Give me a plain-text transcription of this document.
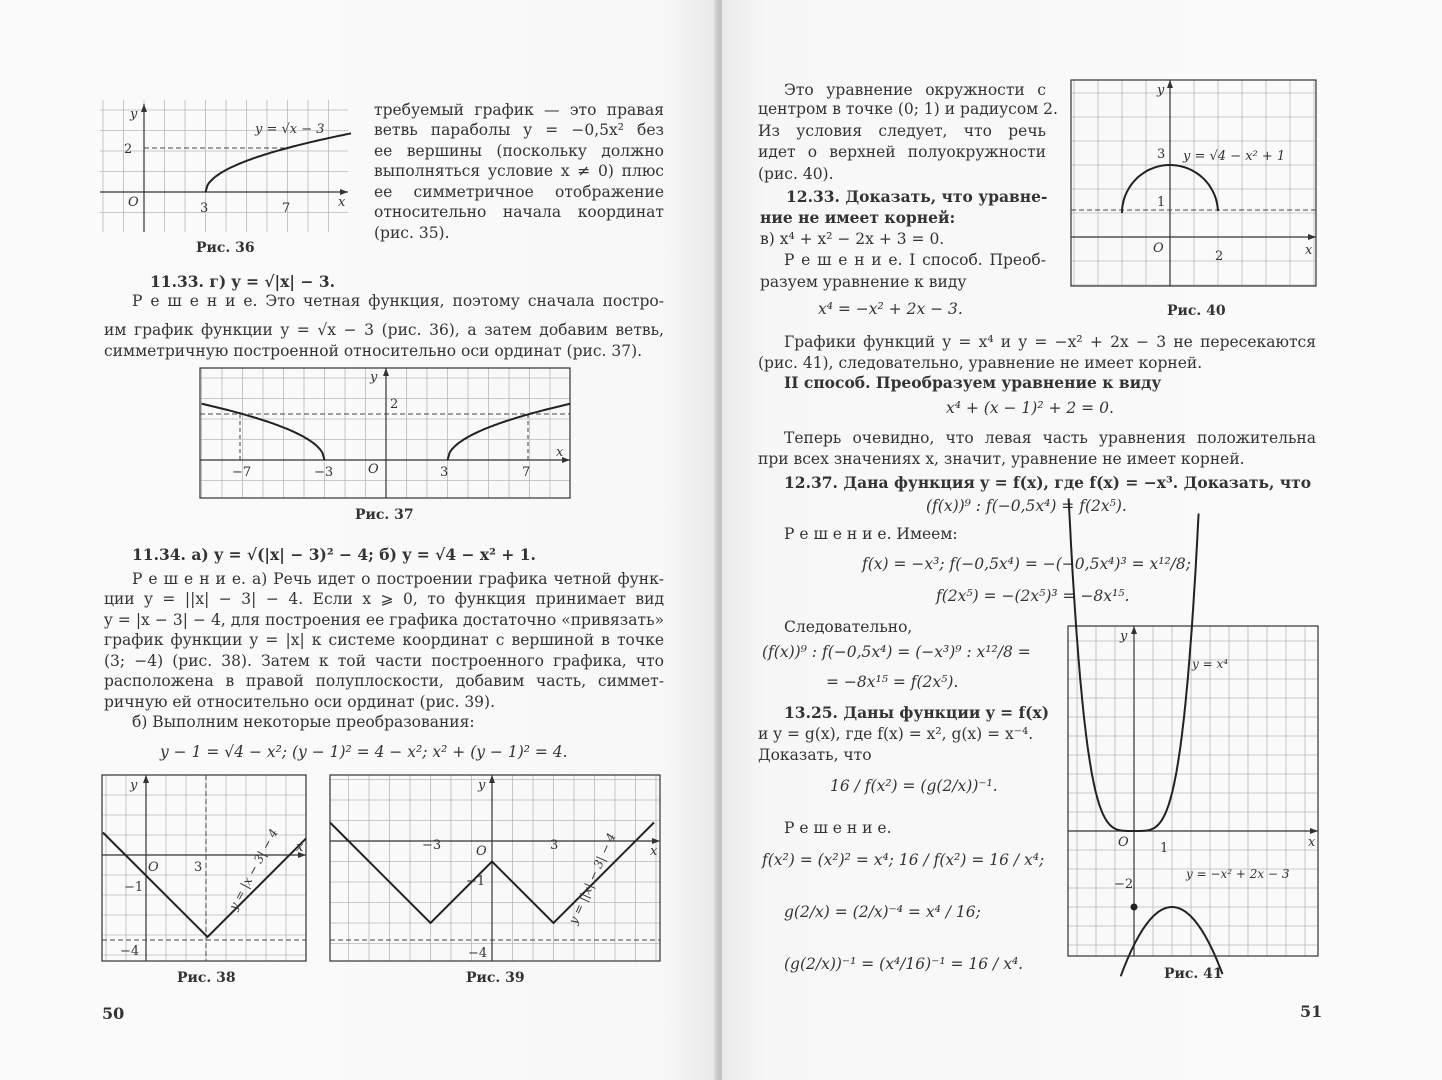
y
x
O
2
3	7
y = √x − 3
Рис. 36
требуемый график — это правая
ветвь параболы y = −0,5x² без
ее вершины (поскольку должно
выполняться условие x ≠ 0) плюс
ее симметричное отображение
относительно начала координат
(рис. 35).
11.33. г) y = √|x| − 3.
Р е ш е н и е. Это четная функция, поэтому сначала постро-
им график функции y = √x − 3 (рис. 36), а затем добавим ветвь,
симметричную построенной относительно оси ординат (рис. 37).
y
x
O
2
−7	−3	3	7
Рис. 37
11.34. а) y = √(|x| − 3)² − 4; б) y = √4 − x² + 1.
Р е ш е н и е. а) Речь идет о построении графика четной функ-
ции y = ||x| − 3| − 4. Если x ⩾ 0, то функция принимает вид
y = |x − 3| − 4, для построения ее графика достаточно «привязать»
график функции y = |x| к системе координат с вершиной в точке
(3; −4) (рис. 38). Затем к той части построенного графика, что
расположена в правой полуплоскости, добавим часть, симмет-
ричную ей относительно оси ординат (рис. 39).
б) Выполним некоторые преобразования:
y − 1 = √4 − x²; (y − 1)² = 4 − x²; x² + (y − 1)² = 4.
y
x
O
−1
−4
3 y = |x − 3| − 4
Рис. 38
y
x
O
−1
−4
−3	3 y = ||x| − 3| − 4
Рис. 39
50
Это уравнение окружности с
центром в точке (0; 1) и радиусом 2.
Из условия следует, что речь
идет о верхней полуокружности
(рис. 40).
12.33. Доказать, что уравне-
ние не имеет корней:
в) x⁴ + x² − 2x + 3 = 0.
Р е ш е н и е. I способ. Преоб-
разуем уравнение к виду
x⁴ = −x² + 2x − 3.
y
x
O
3
1
2
y = √4 − x² + 1
Рис. 40
Графики функций y = x⁴ и y = −x² + 2x − 3 не пересекаются
(рис. 41), следовательно, уравнение не имеет корней.
II способ. Преобразуем уравнение к виду
x⁴ + (x − 1)² + 2 = 0.
Теперь очевидно, что левая часть уравнения положительна
при всех значениях x, значит, уравнение не имеет корней.
12.37. Дана функция y = f(x), где f(x) = −x³. Доказать, что
(f(x))⁹ : f(−0,5x⁴) = f(2x⁵).
Р е ш е н и е. Имеем:
f(x) = −x³; f(−0,5x⁴) = −(−0,5x⁴)³ = x¹²/8;
f(2x⁵) = −(2x⁵)³ = −8x¹⁵.
Следовательно,
(f(x))⁹ : f(−0,5x⁴) = (−x³)⁹ : x¹²/8 =
= −8x¹⁵ = f(2x⁵).
13.25. Даны функции y = f(x)
и y = g(x), где f(x) = x², g(x) = x⁻⁴.
Доказать, что
16 / f(x²) = (g(2/x))⁻¹.
Р е ш е н и е.
f(x²) = (x²)² = x⁴; 16 / f(x²) = 16 / x⁴;
g(2/x) = (2/x)⁻⁴ = x⁴ / 16;
(g(2/x))⁻¹ = (x⁴/16)⁻¹ = 16 / x⁴.
y
x
O 1
−2
y = x⁴
y = −x² + 2x − 3
Рис. 41
51
